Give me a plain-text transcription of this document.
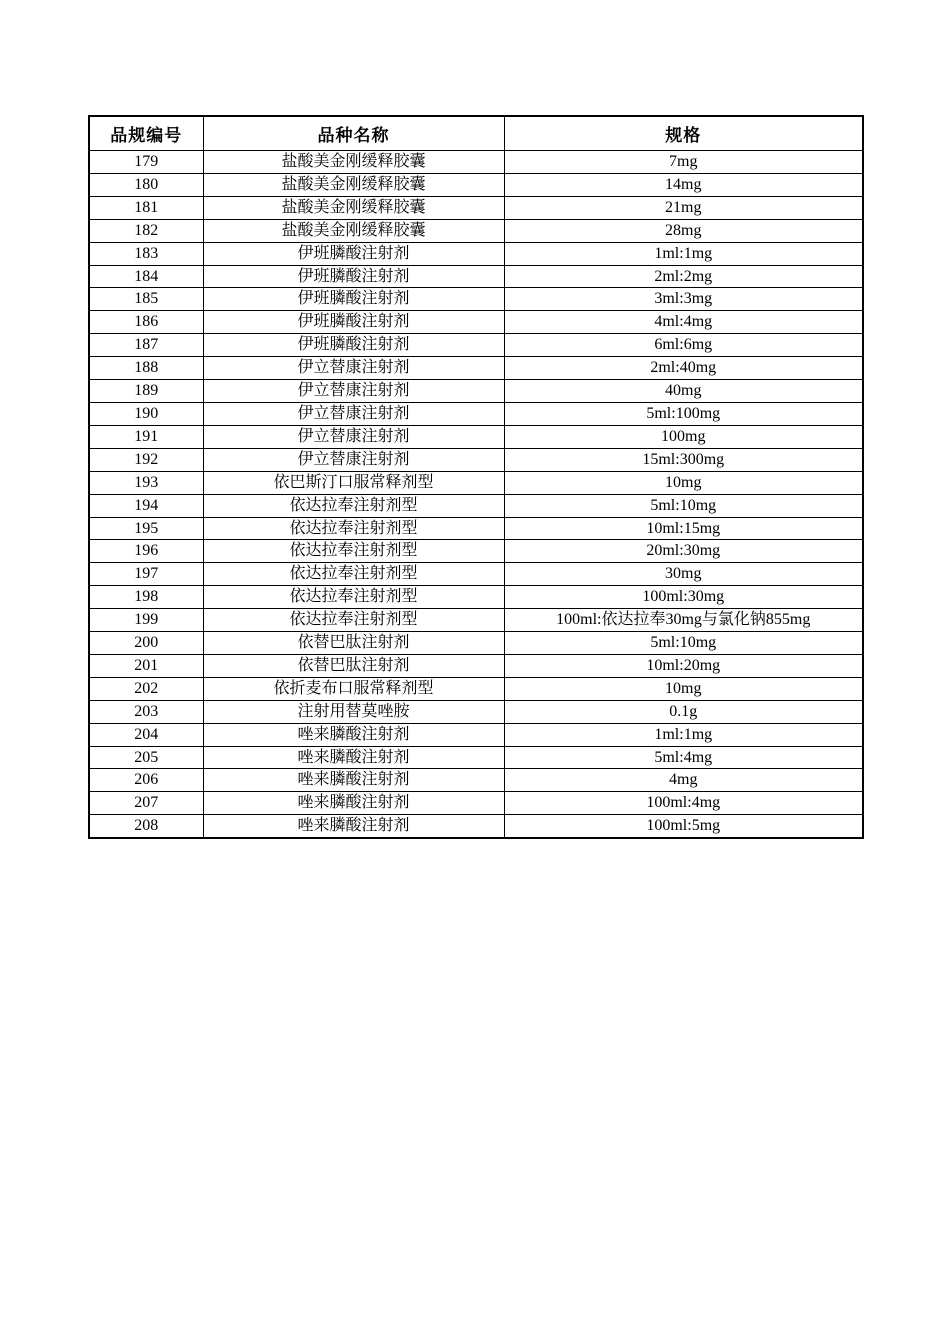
品规编号	品种名称	规格
179	盐酸美金刚缓释胶囊	7mg
180	盐酸美金刚缓释胶囊	14mg
181	盐酸美金刚缓释胶囊	21mg
182	盐酸美金刚缓释胶囊	28mg
183	伊班膦酸注射剂	1ml:1mg
184	伊班膦酸注射剂	2ml:2mg
185	伊班膦酸注射剂	3ml:3mg
186	伊班膦酸注射剂	4ml:4mg
187	伊班膦酸注射剂	6ml:6mg
188	伊立替康注射剂	2ml:40mg
189	伊立替康注射剂	40mg
190	伊立替康注射剂	5ml:100mg
191	伊立替康注射剂	100mg
192	伊立替康注射剂	15ml:300mg
193	依巴斯汀口服常释剂型	10mg
194	依达拉奉注射剂型	5ml:10mg
195	依达拉奉注射剂型	10ml:15mg
196	依达拉奉注射剂型	20ml:30mg
197	依达拉奉注射剂型	30mg
198	依达拉奉注射剂型	100ml:30mg
199	依达拉奉注射剂型	100ml:依达拉奉30mg与氯化钠855mg
200	依替巴肽注射剂	5ml:10mg
201	依替巴肽注射剂	10ml:20mg
202	依折麦布口服常释剂型	10mg
203	注射用替莫唑胺	0.1g
204	唑来膦酸注射剂	1ml:1mg
205	唑来膦酸注射剂	5ml:4mg
206	唑来膦酸注射剂	4mg
207	唑来膦酸注射剂	100ml:4mg
208	唑来膦酸注射剂	100ml:5mg
